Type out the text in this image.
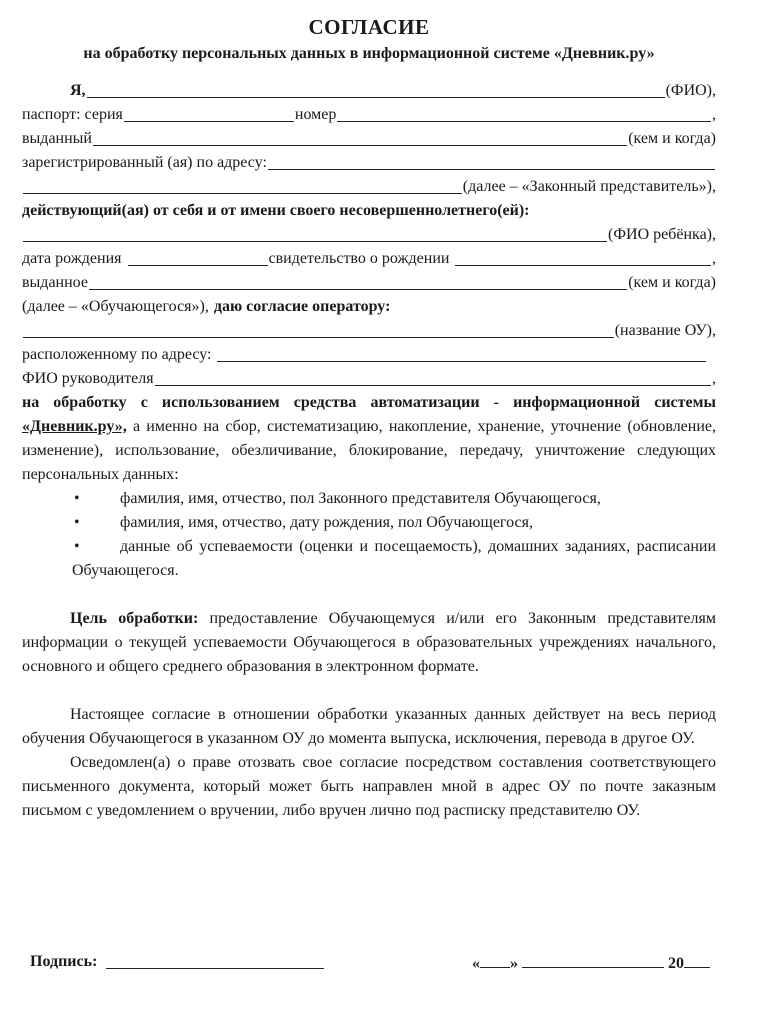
СОГЛАСИЕ
на обработку персональных данных в информационной системе «Дневник.ру»
Я,	(ФИО),
паспорт: серия	номер	,
выданный	(кем и когда)
зарегистрированный (ая) по адресу:
(далее – «Законный представитель»),
действующий(ая) от себя и от имени своего несовершеннолетнего(ей):
(ФИО ребёнка),
дата рождения	свидетельство о рождении	,
выданное	(кем и когда)
(далее – «Обучающегося»), даю согласие оператору:
(название ОУ),
расположенному по адресу:
ФИО руководителя	,

на обработку с использованием средства автоматизации - информационной системы «Дневник.ру», а именно на сбор, систематизацию, накопление, хранение, уточнение (обновление, изменение), использование, обезличивание, блокирование, передачу, уничтожение следующих персональных данных:

•	фамилия, имя, отчество, пол Законного представителя Обучающегося,
•	фамилия, имя, отчество, дату рождения, пол Обучающегося,
•	данные об успеваемости (оценки и посещаемость), домашних заданиях, расписании Обучающегося.

Цель обработки: предоставление Обучающемуся и/или его Законным представителям информации о текущей успеваемости Обучающегося в образовательных учреждениях начального, основного и общего среднего образования в электронном формате.

Настоящее согласие в отношении обработки указанных данных действует на весь период обучения Обучающегося в указанном ОУ до момента выпуска, исключения, перевода в другое ОУ.

Осведомлен(а) о праве отозвать свое согласие посредством составления соответствующего письменного документа, который может быть направлен мной в адрес ОУ по почте заказным письмом с уведомлением о вручении, либо вручен лично под расписку представителю ОУ.

Подпись:	« »	20
